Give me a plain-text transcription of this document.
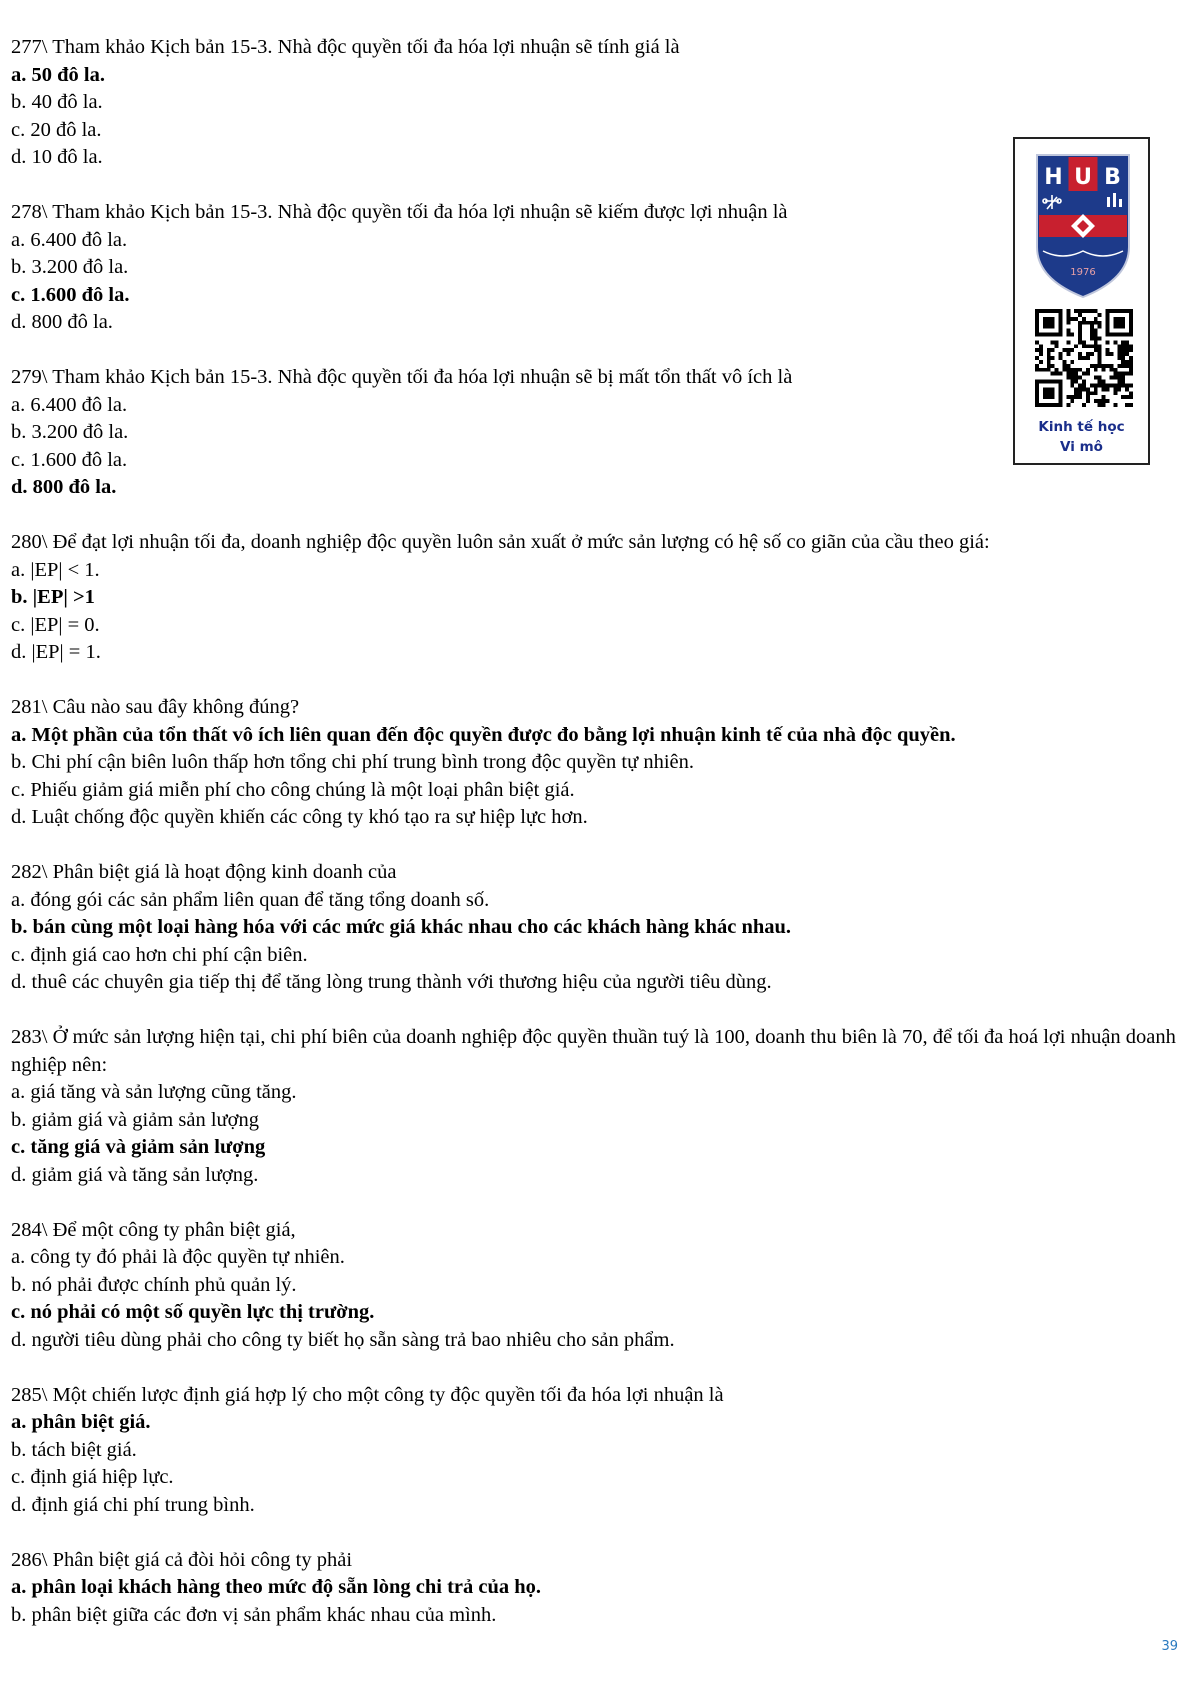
277\ Tham khảo Kịch bản 15-3. Nhà độc quyền tối đa hóa lợi nhuận sẽ tính giá là
a. 50 đô la.
b. 40 đô la.
c. 20 đô la.
d. 10 đô la.
278\ Tham khảo Kịch bản 15-3. Nhà độc quyền tối đa hóa lợi nhuận sẽ kiếm được lợi nhuận là
a. 6.400 đô la.
b. 3.200 đô la.
c. 1.600 đô la.
d. 800 đô la.
279\ Tham khảo Kịch bản 15-3. Nhà độc quyền tối đa hóa lợi nhuận sẽ bị mất tổn thất vô ích là
a. 6.400 đô la.
b. 3.200 đô la.
c. 1.600 đô la.
d. 800 đô la.
280\ Để đạt lợi nhuận tối đa, doanh nghiệp độc quyền luôn sản xuất ở mức sản lượng có hệ số co giãn của cầu theo giá:
a. |EP| < 1.
b. |EP| >1
c. |EP| = 0.
d. |EP| = 1.
281\ Câu nào sau đây không đúng?
a. Một phần của tổn thất vô ích liên quan đến độc quyền được đo bằng lợi nhuận kinh tế của nhà độc quyền.
b. Chi phí cận biên luôn thấp hơn tổng chi phí trung bình trong độc quyền tự nhiên.
c. Phiếu giảm giá miễn phí cho công chúng là một loại phân biệt giá.
d. Luật chống độc quyền khiến các công ty khó tạo ra sự hiệp lực hơn.
282\ Phân biệt giá là hoạt động kinh doanh của
a. đóng gói các sản phẩm liên quan để tăng tổng doanh số.
b. bán cùng một loại hàng hóa với các mức giá khác nhau cho các khách hàng khác nhau.
c. định giá cao hơn chi phí cận biên.
d. thuê các chuyên gia tiếp thị để tăng lòng trung thành với thương hiệu của người tiêu dùng.
283\ Ở mức sản lượng hiện tại, chi phí biên của doanh nghiệp độc quyền thuần tuý là 100, doanh thu biên là 70, để tối đa hoá lợi nhuận doanh nghiệp nên:
a. giá tăng và sản lượng cũng tăng.
b. giảm giá và giảm sản lượng
c. tăng giá và giảm sản lượng
d. giảm giá và tăng sản lượng.
284\ Để một công ty phân biệt giá,
a. công ty đó phải là độc quyền tự nhiên.
b. nó phải được chính phủ quản lý.
c. nó phải có một số quyền lực thị trường.
d. người tiêu dùng phải cho công ty biết họ sẵn sàng trả bao nhiêu cho sản phẩm.
285\ Một chiến lược định giá hợp lý cho một công ty độc quyền tối đa hóa lợi nhuận là
a. phân biệt giá.
b. tách biệt giá.
c. định giá hiệp lực.
d. định giá chi phí trung bình.
286\ Phân biệt giá cả đòi hỏi công ty phải
a. phân loại khách hàng theo mức độ sẵn lòng chi trả của họ.
b. phân biệt giữa các đơn vị sản phẩm khác nhau của mình.
H U B
1976
Kinh tế học
Vi mô
39
